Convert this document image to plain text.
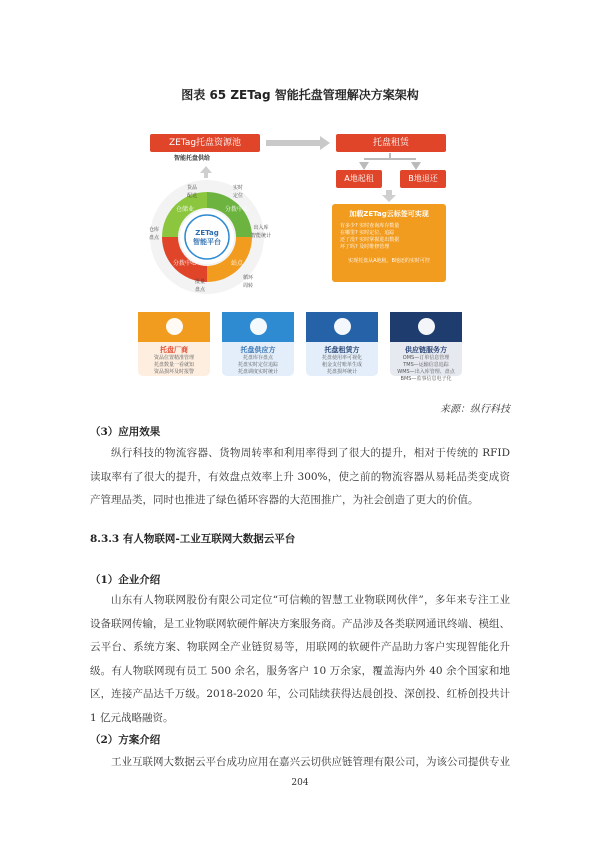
图表 65 ZETag 智能托盘管理解决方案架构
ZETag托盘资源池
智能托盘供给
托盘租赁
A地起租	B地退还
ZETag
智能平台
仓储业	分拨中心
分拨中心	站点
货品
配送
实时
定位
出入库
智能统计
循环
周转
仓库
盘点
批量
盘点
加载ZETag云标签可实现
有多少? 实时查询库存数量
在哪里? 实时定位、追踪
还了没? 实时掌握进出数据
坏了吗? 及时维修管理
实现托盘从A地租、B地还的实时可控
托盘厂商
资品位置精准管理
托盘数量一看就知
资品损坏及时报警
托盘供应方
托盘库存盘点
托盘实时定位追踪
托盘调度实时统计
托盘租赁方
托盘使用率可视化
租金支付账单生成
托盘损坏统计
供应链服务方
OMS—订单信息管理
TMS—运输信息追踪
WMS—出入库管理、盘点
BMS—监事信息电子化
来源：纵行科技
（3）应用效果
纵行科技的物流容器、货物周转率和利用率得到了很大的提升，相对于传统的 RFID 读取率有了很大的提升，有效盘点效率上升 300%，使之前的物流容器从易耗品类变成资产管理品类，同时也推进了绿色循环容器的大范围推广，为社会创造了更大的价值。
8.3.3 有人物联网-工业互联网大数据云平台
（1）企业介绍
山东有人物联网股份有限公司定位“可信赖的智慧工业物联网伙伴”，多年来专注工业设备联网传输，是工业物联网软硬件解决方案服务商。产品涉及各类联网通讯终端、模组、云平台、系统方案、物联网全产业链贸易等，用联网的软硬件产品助力客户实现智能化升级。有人物联网现有员工 500 余名，服务客户 10 万余家，覆盖海内外 40 余个国家和地区，连接产品达千万级。2018-2020 年，公司陆续获得达晨创投、深创投、红桥创投共计 1 亿元战略融资。
（2）方案介绍
工业互联网大数据云平台成功应用在嘉兴云切供应链管理有限公司，为该公司提供专业
204
